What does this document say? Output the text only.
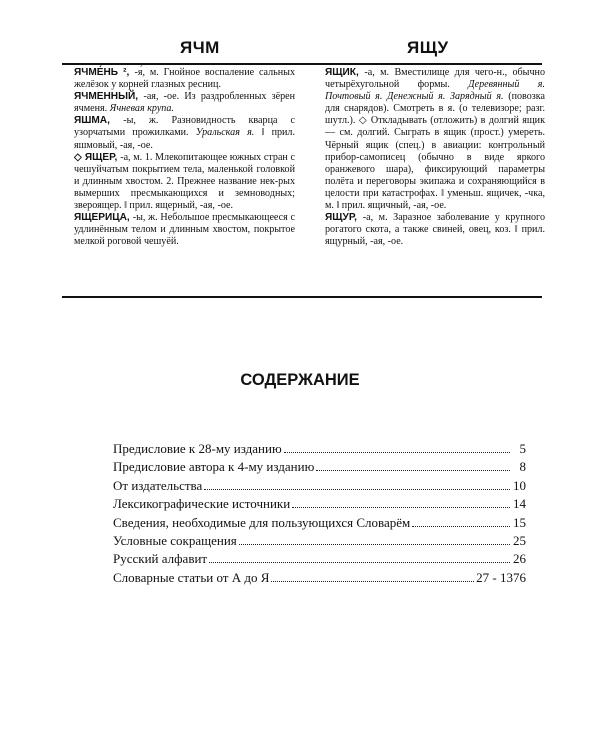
ЯЧМ	ЯЩУ

ЯЧМЕ́НЬ ², -я́, м. Гнойное воспаление сальных желёзок у корней глазных ресниц.

ЯЧМЕННЫЙ, -ая, -ое. Из раздробленных зёрен ячменя. Ячневая крупа.

ЯШМА, -ы, ж. Разновидность кварца с узорчатыми прожилками. Уральская я. ‖ прил. яшмовый, -ая, -ое.

◇ ЯЩЕР, -а, м. 1. Млекопитающее южных стран с чешуйчатым покрытием тела, маленькой головкой и длинным хвостом. 2. Прежнее название нек-рых вымерших пресмыкающихся и земноводных; звероящер. ‖ прил. ящерный, -ая, -ое.

ЯЩЕРИЦА, -ы, ж. Небольшое пресмыкающееся с удлинённым телом и длинным хвостом, покрытое мелкой роговой чешуёй.

ЯЩИК, -а, м. Вместилище для чего-н., обычно четырёхугольной формы. Деревянный я. Почтовый я. Денежный я. Зарядный я. (повозка для снарядов). Смотреть в я. (о телевизоре; разг. шутл.). ◇ Откладывать (отложить) в долгий ящик — см. долгий. Сыграть в ящик (прост.) умереть. Чёрный ящик (спец.) в авиации: контрольный прибор-самописец (обычно в виде яркого оранжевого шара), фиксирующий параметры полёта и переговоры экипажа и сохраняющийся в целости при катастрофах. ‖ уменьш. ящичек, -чка, м. ‖ прил. ящичный, -ая, -ое.

ЯЩУР, -а, м. Заразное заболевание у крупного рогатого скота, а также свиней, овец, коз. ‖ прил. ящурный, -ая, -ое.

СОДЕРЖАНИЕ
Предисловие к 28-му изданию	5
Предисловие автора к 4-му изданию	8
От издательства	10
Лексикографические источники	14
Сведения, необходимые для пользующихся Словарём	15
Условные сокращения	25
Русский алфавит	26
Словарные статьи от А до Я	27 - 1376
